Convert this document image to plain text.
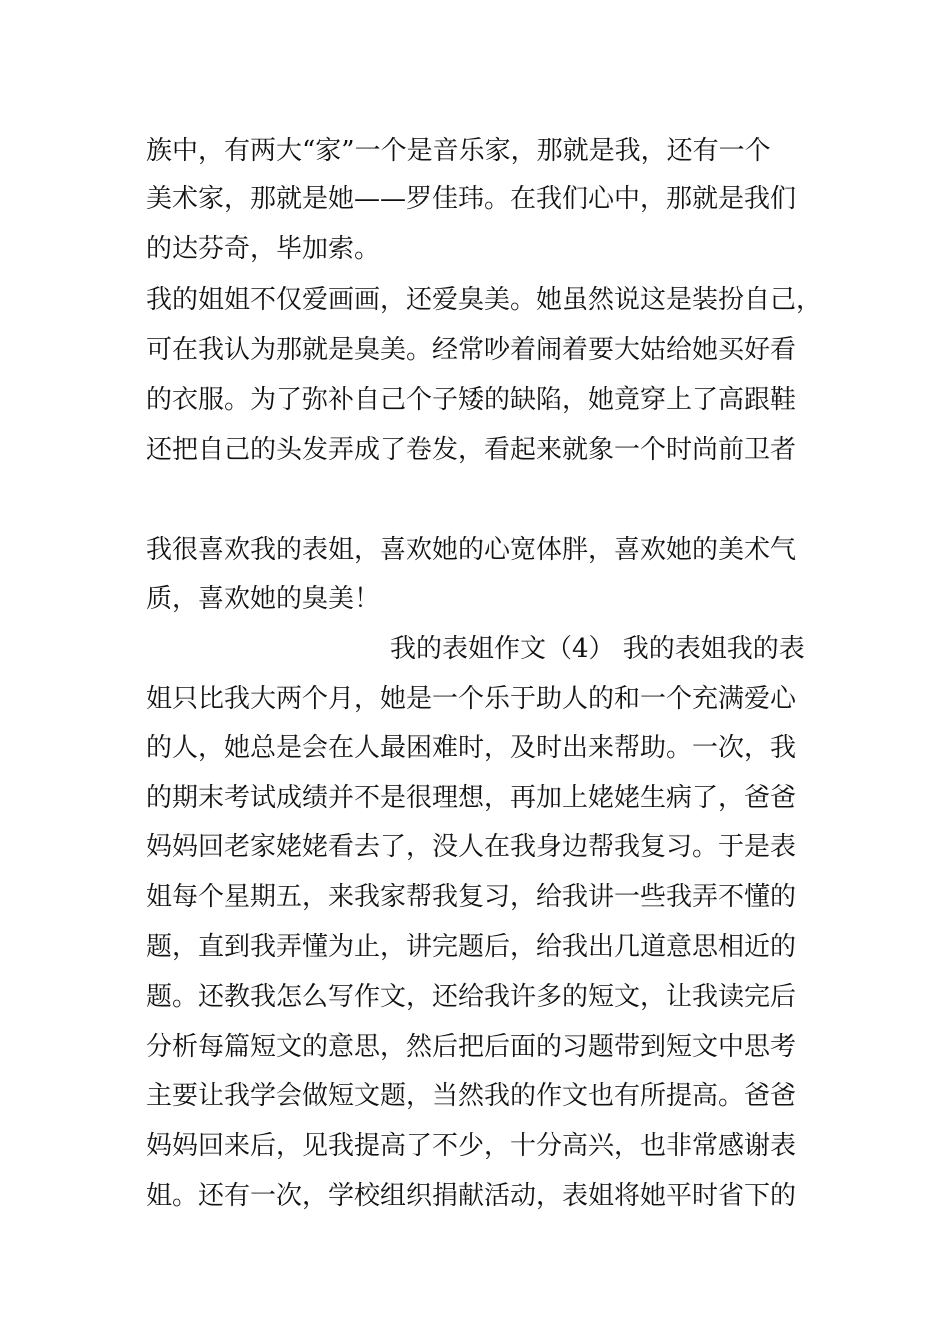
族中，有两大“家”一个是音乐家，那就是我，还有一个
美术家，那就是她——罗佳玮。在我们心中，那就是我们
的达芬奇，毕加索。
我的姐姐不仅爱画画，还爱臭美。她虽然说这是装扮自己，
可在我认为那就是臭美。经常吵着闹着要大姑给她买好看
的衣服。为了弥补自己个子矮的缺陷，她竟穿上了高跟鞋
还把自己的头发弄成了卷发，看起来就象一个时尚前卫者
我很喜欢我的表姐，喜欢她的心宽体胖，喜欢她的美术气
质，喜欢她的臭美！
我的表姐作文（4） 我的表姐我的表
姐只比我大两个月，她是一个乐于助人的和一个充满爱心
的人，她总是会在人最困难时，及时出来帮助。一次，我
的期末考试成绩并不是很理想，再加上姥姥生病了，爸爸
妈妈回老家姥姥看去了，没人在我身边帮我复习。于是表
姐每个星期五，来我家帮我复习，给我讲一些我弄不懂的
题，直到我弄懂为止，讲完题后，给我出几道意思相近的
题。还教我怎么写作文，还给我许多的短文，让我读完后
分析每篇短文的意思，然后把后面的习题带到短文中思考
主要让我学会做短文题，当然我的作文也有所提高。爸爸
妈妈回来后，见我提高了不少，十分高兴，也非常感谢表
姐。还有一次，学校组织捐献活动，表姐将她平时省下的
